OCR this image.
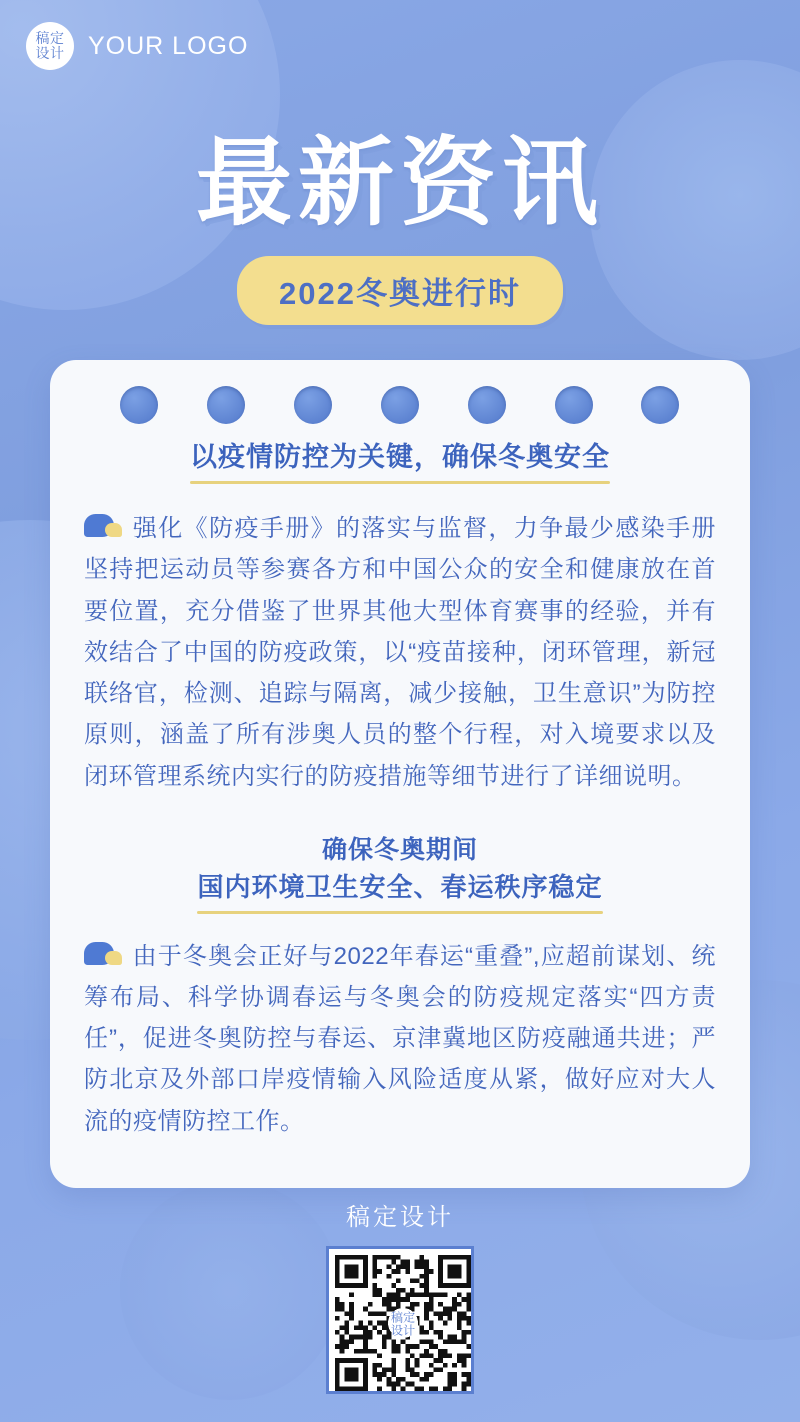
稿定
设计 YOUR LOGO
最新资讯
2022冬奥进行时
以疫情防控为关键，确保冬奥安全
强化《防疫手册》的落实与监督，力争最少感染手册坚持把运动员等参赛各方和中国公众的安全和健康放在首要位置，充分借鉴了世界其他大型体育赛事的经验，并有效结合了中国的防疫政策，以“疫苗接种，闭环管理，新冠联络官，检测、追踪与隔离，减少接触，卫生意识”为防控原则，涵盖了所有涉奥人员的整个行程，对入境要求以及闭环管理系统内实行的防疫措施等细节进行了详细说明。
确保冬奥期间
国内环境卫生安全、春运秩序稳定
由于冬奥会正好与2022年春运“重叠”,应超前谋划、统筹布局、科学协调春运与冬奥会的防疫规定落实“四方责任”，促进冬奥防控与春运、京津冀地区防疫融通共进；严防北京及外部口岸疫情输入风险适度从紧，做好应对大人流的疫情防控工作。
稿定设计
稿定
设计
